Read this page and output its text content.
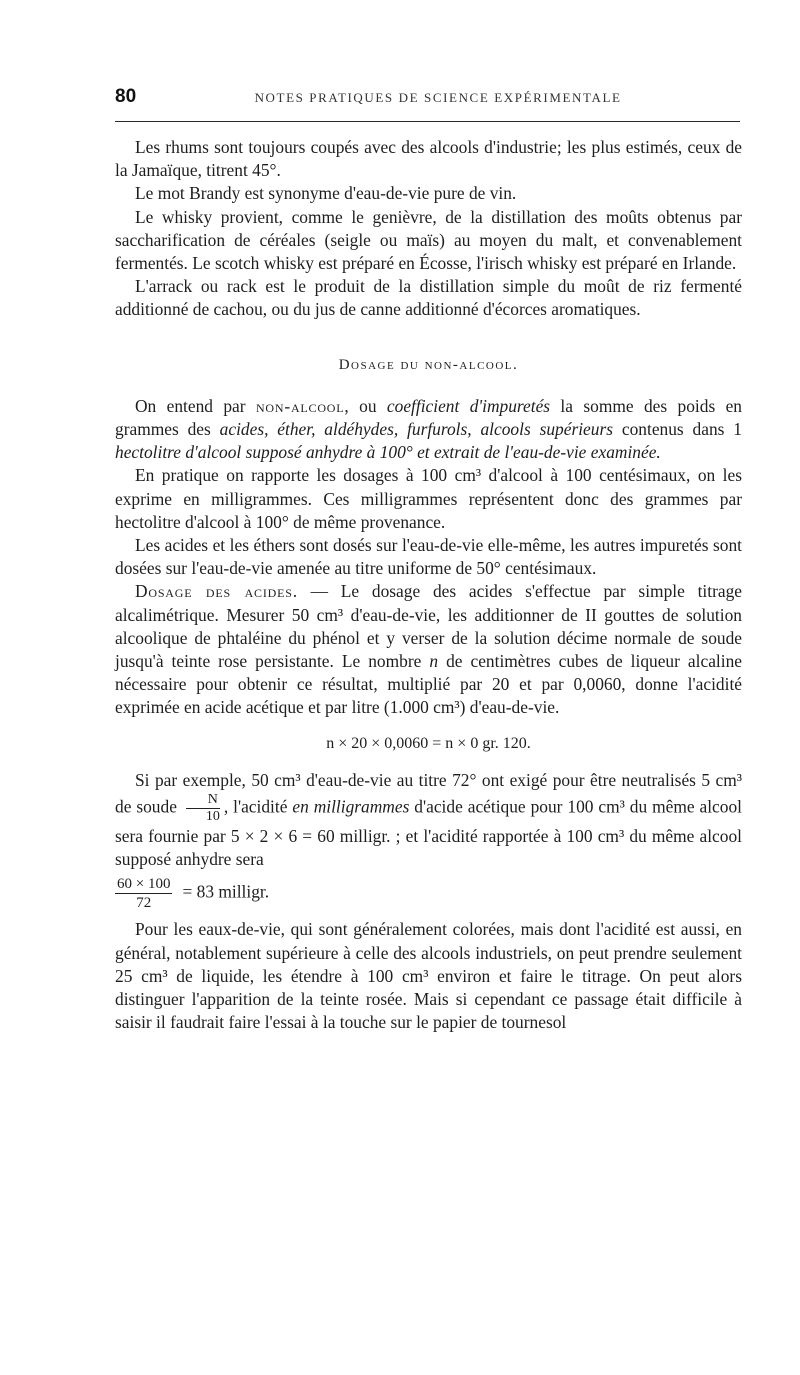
80	NOTES PRATIQUES DE SCIENCE EXPÉRIMENTALE

Les rhums sont toujours coupés avec des alcools d'industrie; les plus estimés, ceux de la Jamaïque, titrent 45°.

Le mot Brandy est synonyme d'eau-de-vie pure de vin.

Le whisky provient, comme le genièvre, de la distillation des moûts obtenus par saccharification de céréales (seigle ou maïs) au moyen du malt, et convenablement fermentés. Le scotch whisky est préparé en Écosse, l'irisch whisky est préparé en Irlande.

L'arrack ou rack est le produit de la distillation simple du moût de riz fermenté additionné de cachou, ou du jus de canne additionné d'écorces aromatiques.

Dosage du non-alcool.

On entend par non-alcool, ou coefficient d'impuretés la somme des poids en grammes des acides, éther, aldéhydes, furfurols, alcools supérieurs contenus dans 1 hectolitre d'alcool supposé anhydre à 100° et extrait de l'eau-de-vie examinée.

En pratique on rapporte les dosages à 100 cm³ d'alcool à 100 centésimaux, on les exprime en milligrammes. Ces milligrammes représentent donc des grammes par hectolitre d'alcool à 100° de même provenance.

Les acides et les éthers sont dosés sur l'eau-de-vie elle-même, les autres impuretés sont dosées sur l'eau-de-vie amenée au titre uniforme de 50° centésimaux.

Dosage des acides. — Le dosage des acides s'effectue par simple titrage alcalimétrique. Mesurer 50 cm³ d'eau-de-vie, les additionner de II gouttes de solution alcoolique de phtaléine du phénol et y verser de la solution décime normale de soude jusqu'à teinte rose persistante. Le nombre n de centimètres cubes de liqueur alcaline nécessaire pour obtenir ce résultat, multiplié par 20 et par 0,0060, donne l'acidité exprimée en acide acétique et par litre (1.000 cm³) d'eau-de-vie.

n × 20 × 0,0060 = n × 0 gr. 120.

Si par exemple, 50 cm³ d'eau-de-vie au titre 72° ont exigé pour être neutralisés 5 cm³ de soude $\frac{N}{10}$ , l'acidité en milligrammes d'acide acétique pour 100 cm³ du même alcool sera fournie par 5 × 2 × 6 = 60 milligr. ; et l'acidité rapportée à 100 cm³ du même alcool supposé anhydre sera

$\frac{60 \times 100}{72} = 83$ milligr.

Pour les eaux-de-vie, qui sont généralement colorées, mais dont l'acidité est aussi, en général, notablement supérieure à celle des alcools industriels, on peut prendre seulement 25 cm³ de liquide, les étendre à 100 cm³ environ et faire le titrage. On peut alors distinguer l'apparition de la teinte rosée. Mais si cependant ce passage était difficile à saisir il faudrait faire l'essai à la touche sur le papier de tournesol
